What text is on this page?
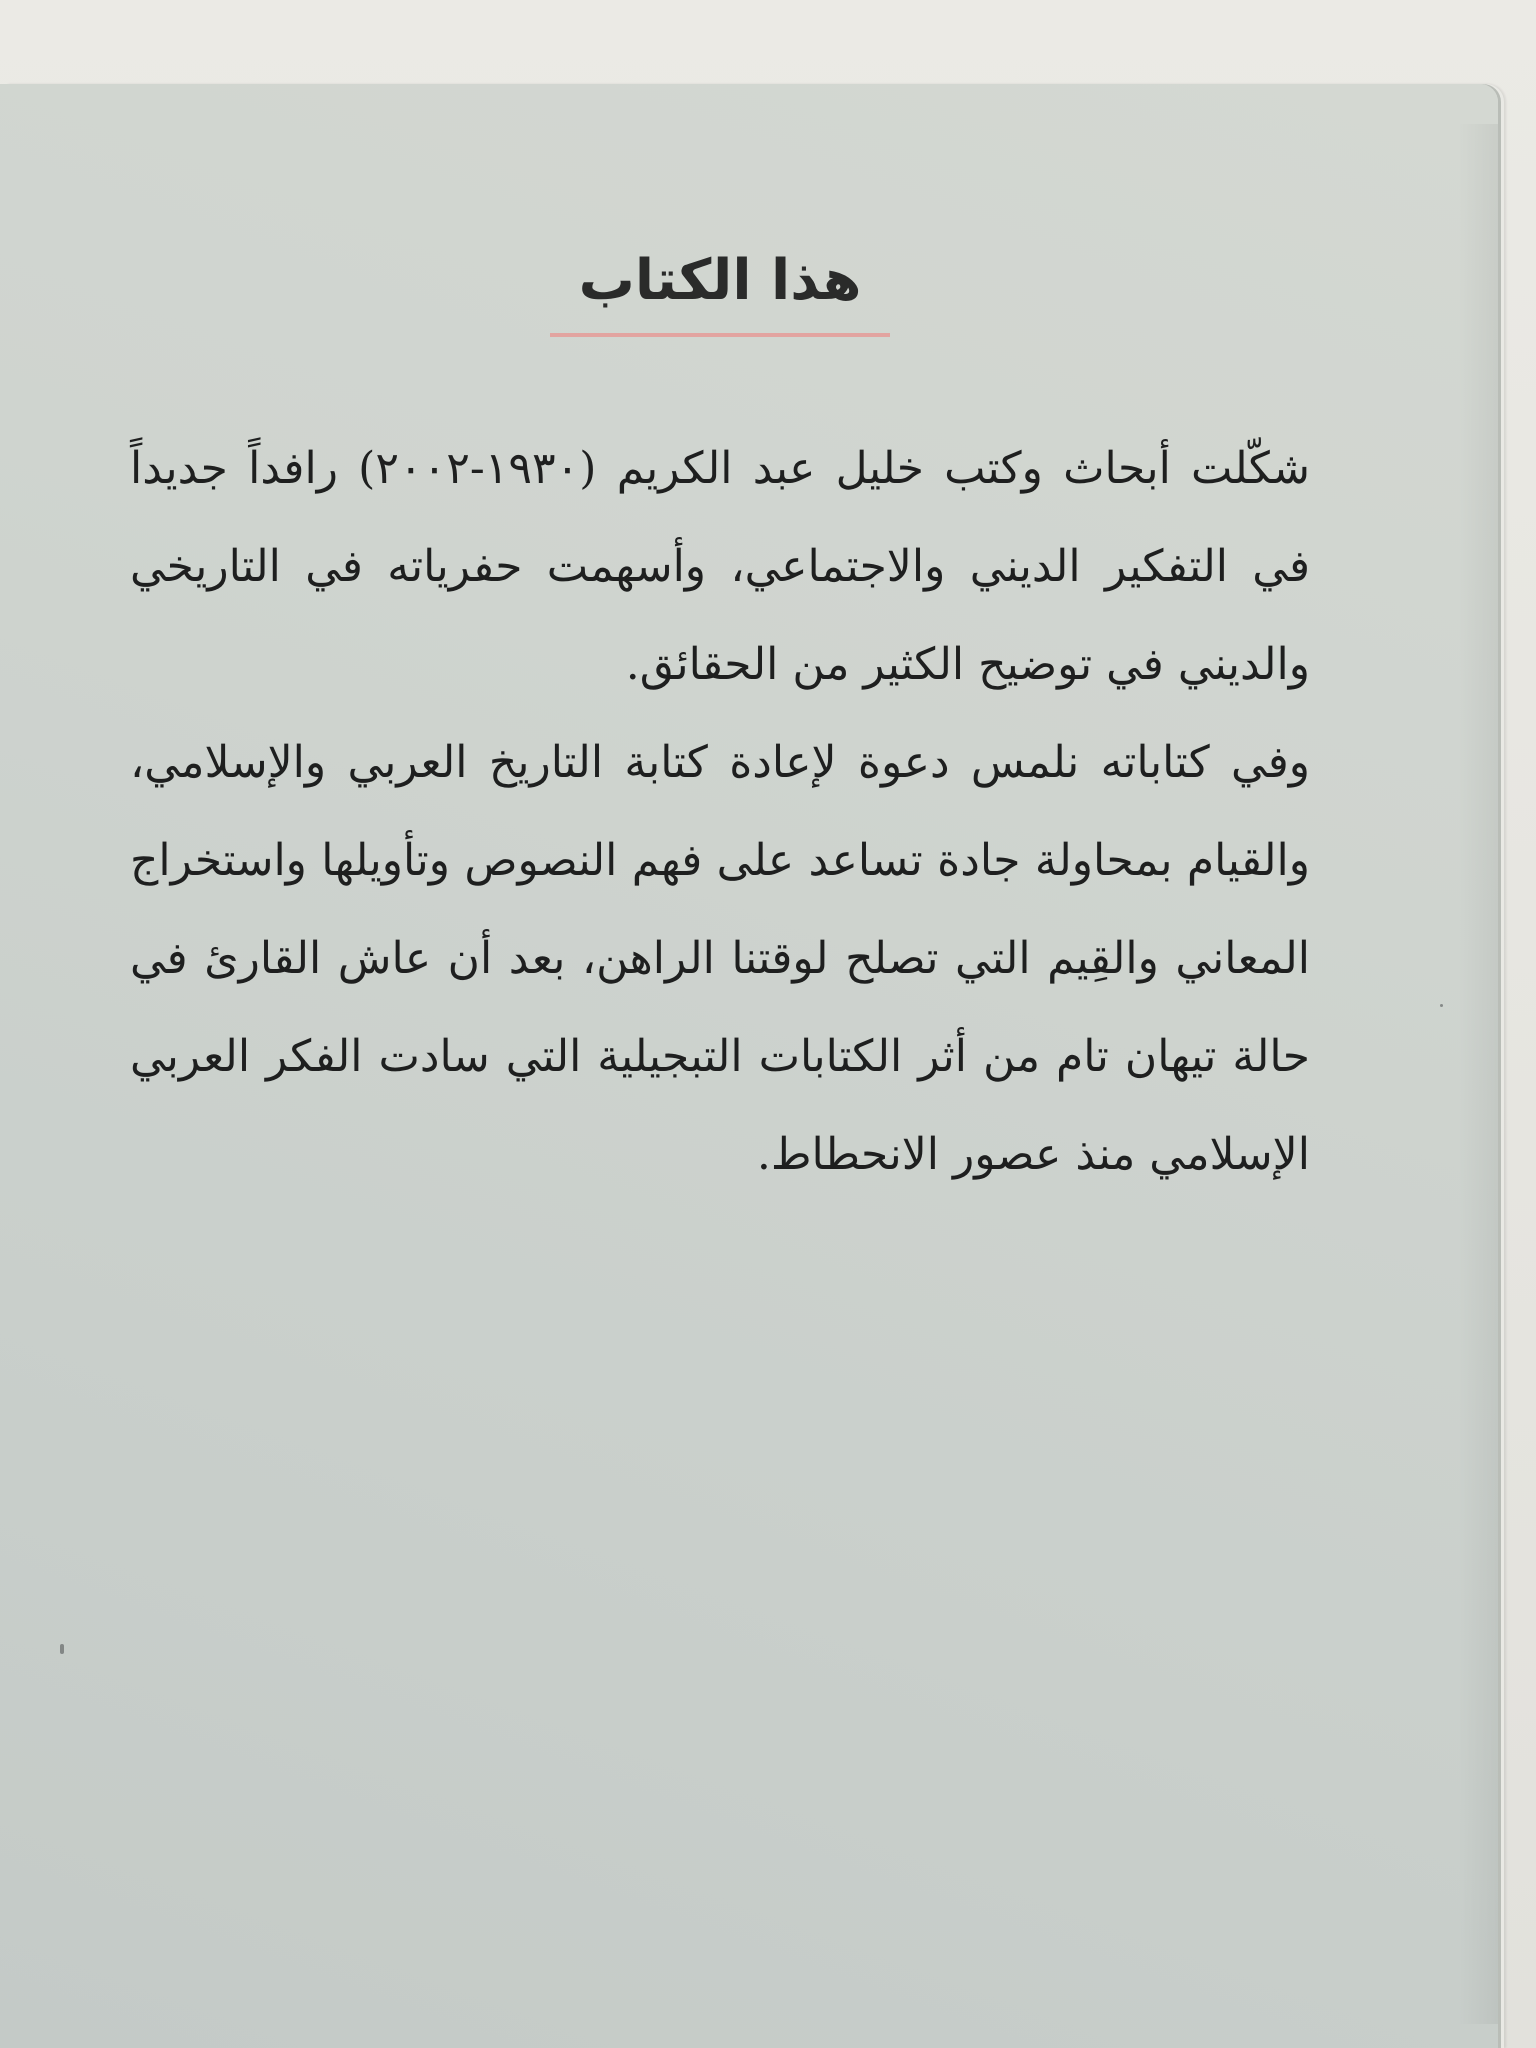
هذا الكتاب

شكّلت أبحاث وكتب خليل عبد الكريم (١٩٣٠-٢٠٠٢) رافداً جديداً في التفكير الديني والاجتماعي، وأسهمت حفرياته في التاريخي والديني في توضيح الكثير من الحقائق.

وفي كتاباته نلمس دعوة لإعادة كتابة التاريخ العربي والإسلامي، والقيام بمحاولة جادة تساعد على فهم النصوص وتأويلها واستخراج المعاني والقِيم التي تصلح لوقتنا الراهن، بعد أن عاش القارئ في حالة تيهان تام من أثر الكتابات التبجيلية التي سادت الفكر العربي الإسلامي منذ عصور الانحطاط.
